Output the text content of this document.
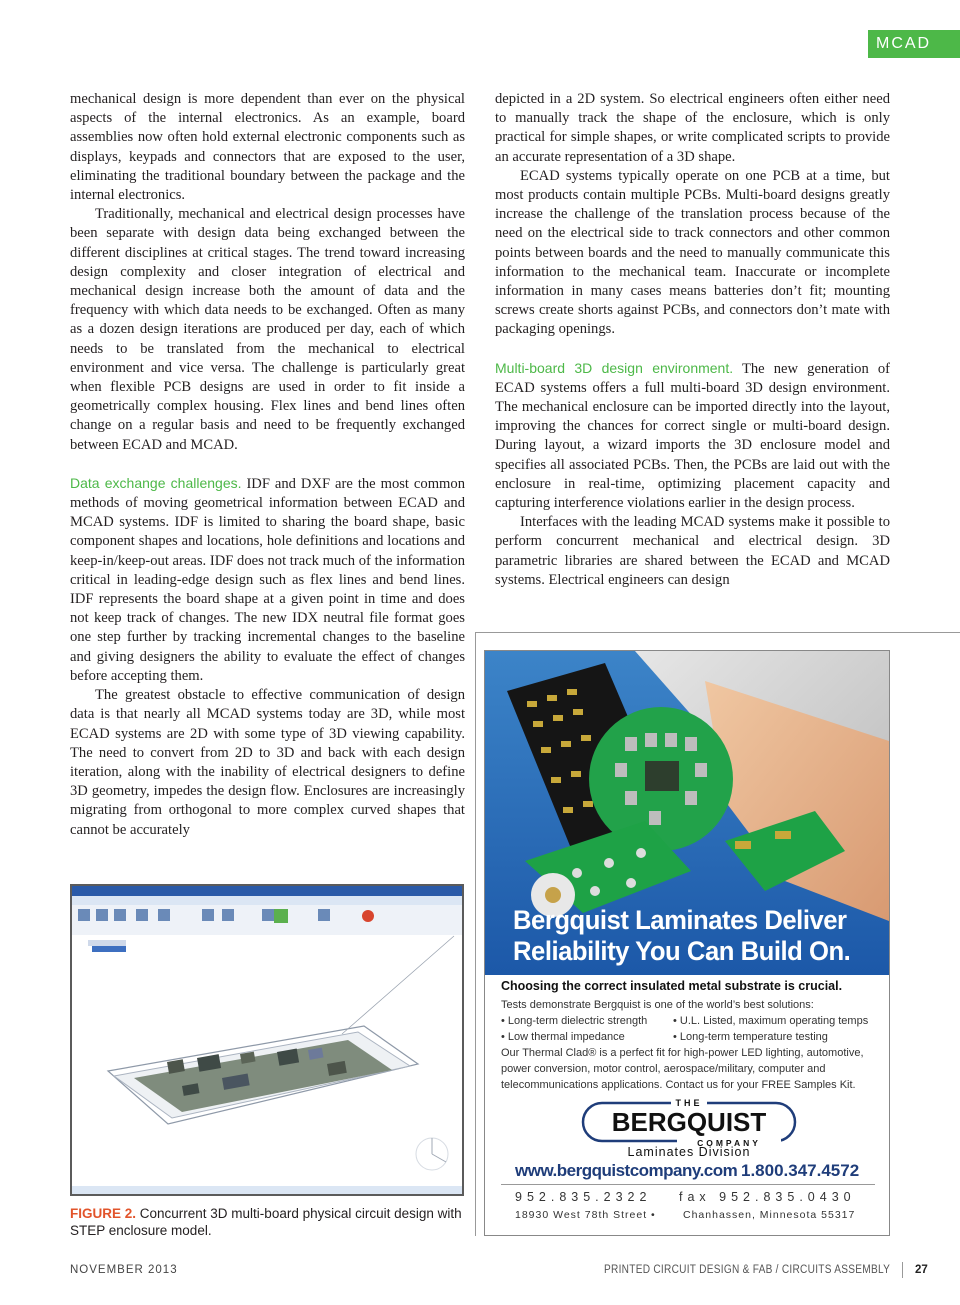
MCAD

mechanical design is more dependent than ever on the physical aspects of the internal electronics. As an example, board assemblies now often hold external electronic components such as displays, keypads and connectors that are exposed to the user, eliminating the traditional boundary between the package and the internal electronics.

Traditionally, mechanical and electrical design processes have been separate with design data being exchanged between the different disciplines at critical stages. The trend toward increasing design complexity and closer integration of electrical and mechanical design increase both the amount of data and the frequency with which data needs to be exchanged. Often as many as a dozen design iterations are produced per day, each of which needs to be translated from the mechanical to electrical environment and vice versa. The challenge is particularly great when flexible PCB designs are used in order to fit inside a geometrically complex housing. Flex lines and bend lines often change on a regular basis and need to be frequently exchanged between ECAD and MCAD.

Data exchange challenges. IDF and DXF are the most common methods of moving geometrical information between ECAD and MCAD systems. IDF is limited to sharing the board shape, basic component shapes and locations, hole definitions and locations and keep-in/keep-out areas. IDF does not track much of the information critical in leading-edge design such as flex lines and bend lines. IDF represents the board shape at a given point in time and does not keep track of changes. The new IDX neutral file format goes one step further by tracking incremental changes to the baseline and giving designers the ability to evaluate the effect of changes before accepting them.

The greatest obstacle to effective communication of design data is that nearly all MCAD systems today are 3D, while most ECAD systems are 2D with some type of 3D viewing capability. The need to convert from 2D to 3D and back with each design iteration, along with the inability of electrical designers to define 3D geometry, impedes the design flow. Enclosures are increasingly migrating from orthogonal to more complex curved shapes that cannot be accurately

depicted in a 2D system. So electrical engineers often either need to manually track the shape of the enclosure, which is only practical for simple shapes, or write complicated scripts to provide an accurate representation of a 3D shape.

ECAD systems typically operate on one PCB at a time, but most products contain multiple PCBs. Multi-board designs greatly increase the challenge of the translation process because of the need on the electrical side to track connectors and other common points between boards and the need to manually communicate this information to the mechanical team. Inaccurate or incomplete information in many cases means batteries don’t fit; mounting screws create shorts against PCBs, and connectors don’t mate with packaging openings.

Multi-board 3D design environment. The new generation of ECAD systems offers a full multi-board 3D design environment. The mechanical enclosure can be imported directly into the layout, improving the chances for correct single or multi-board design. During layout, a wizard imports the 3D enclosure model and specifies all associated PCBs. Then, the PCBs are laid out with the enclosure in real-time, optimizing placement capacity and capturing interference violations earlier in the design process.

Interfaces with the leading MCAD systems make it possible to perform concurrent mechanical and electrical design. 3D parametric libraries are shared between the ECAD and MCAD systems. Electrical engineers can design

FIGURE 2. Concurrent 3D multi-board physical circuit design with STEP enclosure model.
Bergquist Laminates Deliver
Reliability You Can Build On.
Choosing the correct insulated metal substrate is crucial.
Tests demonstrate Bergquist is one of the world’s best solutions:
• Long-term dielectric strength • U.L. Listed, maximum operating temps
• Low thermal impedance	• Long-term temperature testing
Our Thermal Clad® is a perfect fit for high-power LED lighting, automotive, power conversion, motor control, aerospace/military, computer and telecommunications applications. Contact us for your FREE Samples Kit.
THE
BERGQUIST
COMPANY
Laminates Division
www.bergquistcompany.com 1.800.347.4572
952.835.2322 fax 952.835.0430
18930 West 78th Street •	Chanhassen, Minnesota 55317
NOVEMBER 2013	PRINTED CIRCUIT DESIGN & FAB / CIRCUITS ASSEMBLY 27
